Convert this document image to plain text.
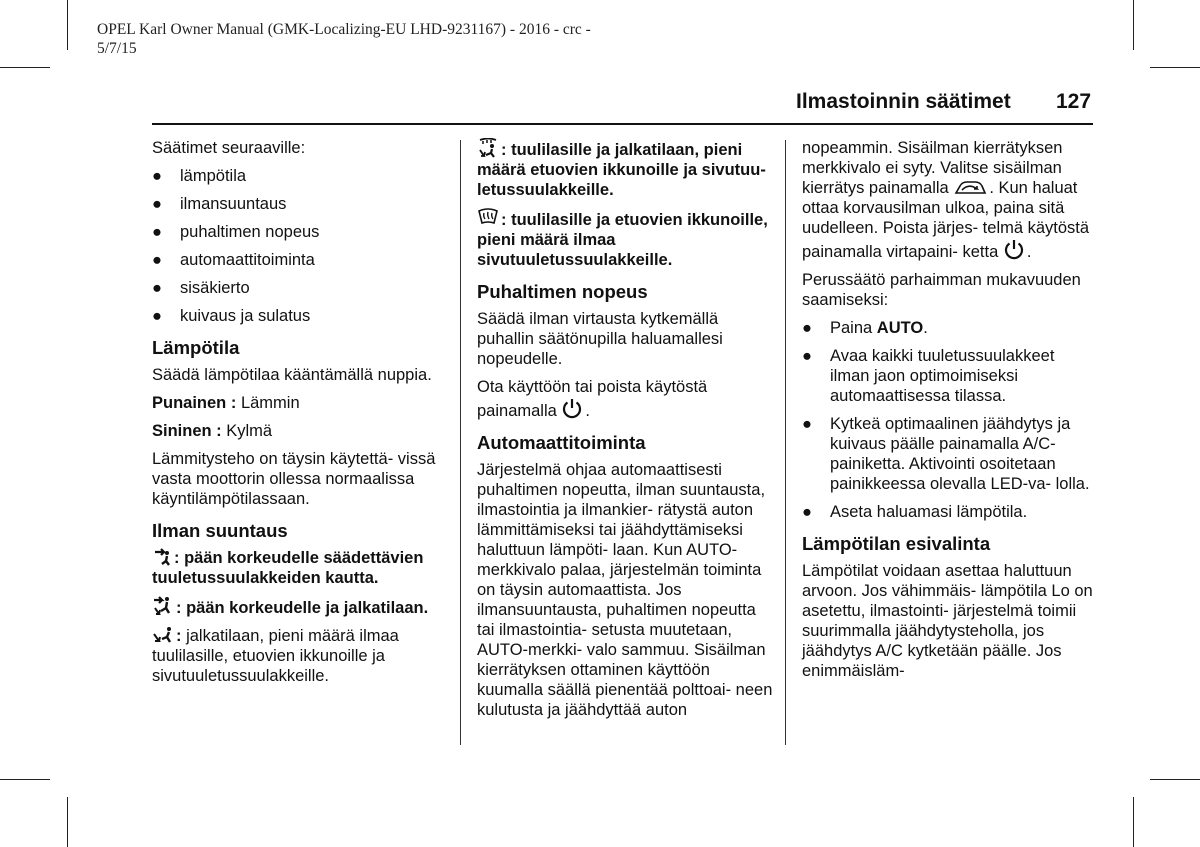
OPEL Karl Owner Manual (GMK-Localizing-EU LHD-9231167) - 2016 - crc -
5/7/15
Ilmastoinnin säätimet 127

Säätimet seuraaville:

● lämpötila
● ilmansuuntaus
● puhaltimen nopeus
● automaattitoiminta
● sisäkierto
● kuivaus ja sulatus
Lämpötila

Säädä lämpötilaa kääntämällä nuppia.

Punainen : Lämmin

Sininen : Kylmä

Lämmitysteho on täysin käytettä- vissä vasta moottorin ollessa normaalissa käyntilämpötilassaan.

Ilman suuntaus

: pään korkeudelle säädettävien tuuletussuulakkeiden kautta.

: pään korkeudelle ja jalkatilaan.

: jalkatilaan, pieni määrä ilmaa tuulilasille, etuovien ikkunoille ja sivutuuletussuulakkeille.

: tuulilasille ja jalkatilaan, pieni määrä etuovien ikkunoille ja sivutuu- letussuulakkeille.

: tuulilasille ja etuovien ikkunoille, pieni määrä ilmaa sivutuuletussuulakkeille.

Puhaltimen nopeus

Säädä ilman virtausta kytkemällä puhallin säätönupilla haluamallesi nopeudelle.

Ota käyttöön tai poista käytöstä painamalla .

Automaattitoiminta

Järjestelmä ohjaa automaattisesti puhaltimen nopeutta, ilman suuntausta, ilmastointia ja ilmankier- rätystä auton lämmittämiseksi tai jäähdyttämiseksi haluttuun lämpöti- laan. Kun AUTO-merkkivalo palaa, järjestelmän toiminta on täysin automaattista. Jos ilmansuuntausta, puhaltimen nopeutta tai ilmastointia- setusta muutetaan, AUTO-merkki- valo sammuu. Sisäilman kierrätyksen ottaminen käyttöön kuumalla säällä pienentää polttoai- neen kulutusta ja jäähdyttää auton

nopeammin. Sisäilman kierrätyksen merkkivalo ei syty. Valitse sisäilman kierrätys painamalla . Kun haluat ottaa korvausilman ulkoa, paina sitä uudelleen. Poista järjes- telmä käytöstä painamalla virtapaini- ketta .

Perussäätö parhaimman mukavuuden saamiseksi:

● Paina AUTO.
● Avaa kaikki tuuletussuulakkeet ilman jaon optimoimiseksi automaattisessa tilassa.
● Kytkeä optimaalinen jäähdytys ja kuivaus päälle painamalla A/C- painiketta. Aktivointi osoitetaan painikkeessa olevalla LED-va- lolla.
● Aseta haluamasi lämpötila.
Lämpötilan esivalinta

Lämpötilat voidaan asettaa haluttuun arvoon. Jos vähimmäis- lämpötila Lo on asetettu, ilmastointi- järjestelmä toimii suurimmalla jäähdytysteholla, jos jäähdytys A/C kytketään päälle. Jos enimmäisläm-
